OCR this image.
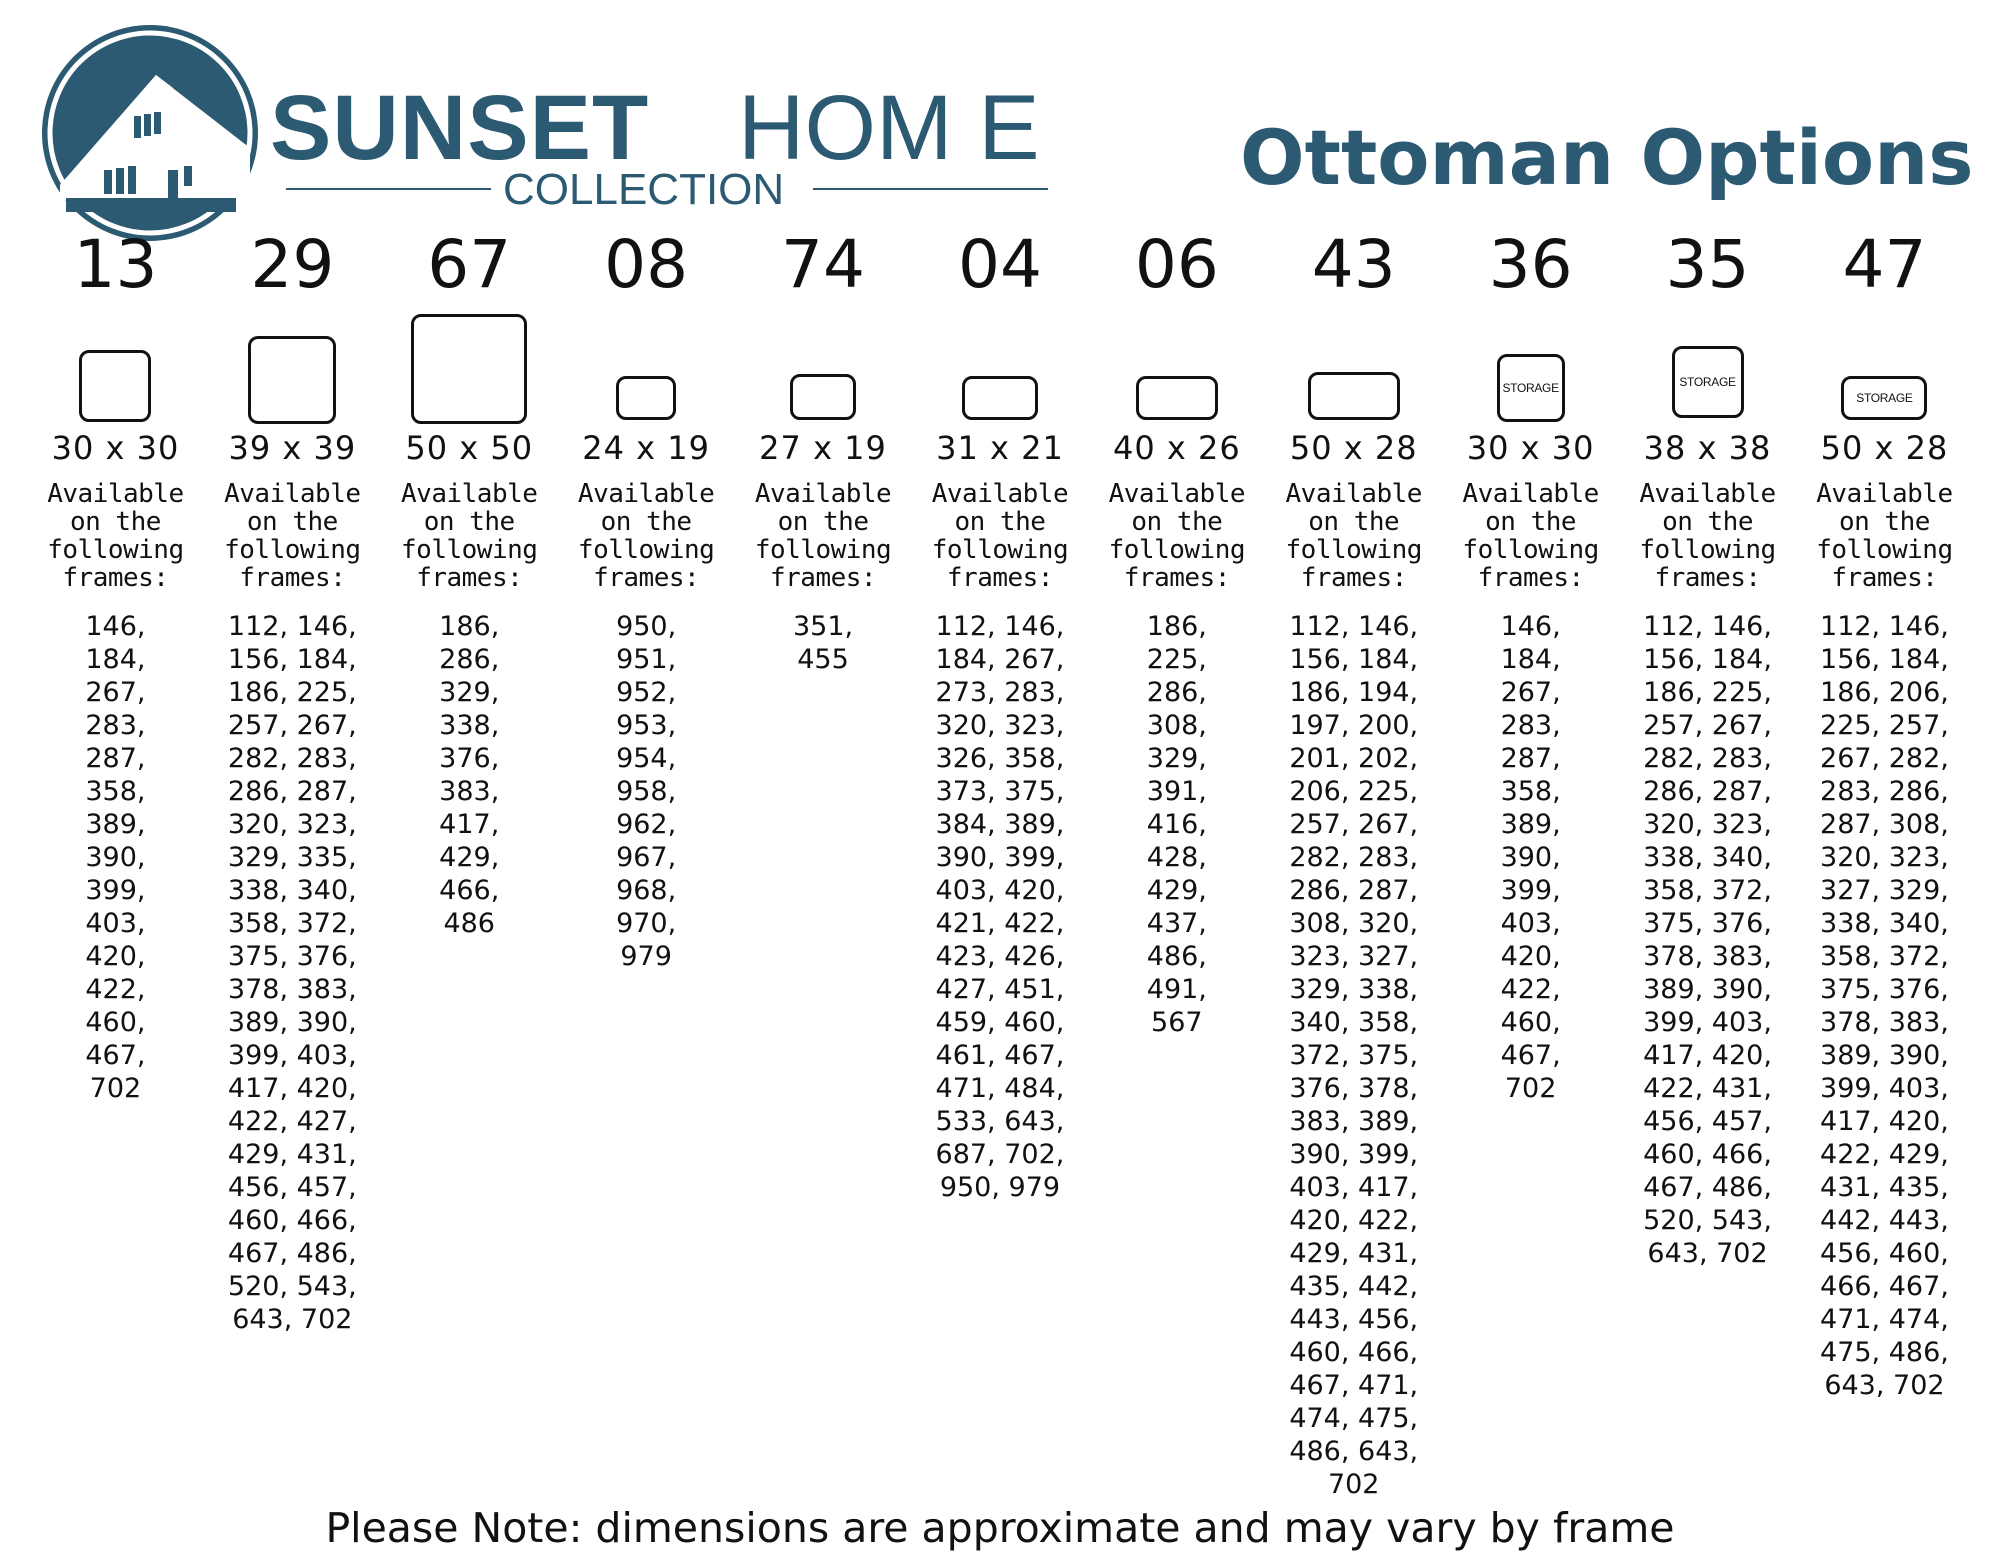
SUNSET HOM E
COLLECTION	Ottoman Options
13
30 x 30
Available on the following frames:
146,
184,
267,
283,
287,
358,
389,
390,
399,
403,
420,
422,
460,
467,
702
29
39 x 39
Available on the following frames:
112, 146,
156, 184,
186, 225,
257, 267,
282, 283,
286, 287,
320, 323,
329, 335,
338, 340,
358, 372,
375, 376,
378, 383,
389, 390,
399, 403,
417, 420,
422, 427,
429, 431,
456, 457,
460, 466,
467, 486,
520, 543,
643, 702
67
50 x 50
Available on the following frames:
186,
286,
329,
338,
376,
383,
417,
429,
466,
486
08
24 x 19
Available on the following frames:
950,
951,
952,
953,
954,
958,
962,
967,
968,
970,
979
74
27 x 19
Available on the following frames:
351,
455
04
31 x 21
Available on the following frames:
112, 146,
184, 267,
273, 283,
320, 323,
326, 358,
373, 375,
384, 389,
390, 399,
403, 420,
421, 422,
423, 426,
427, 451,
459, 460,
461, 467,
471, 484,
533, 643,
687, 702,
950, 979
06
40 x 26
Available on the following frames:
186,
225,
286,
308,
329,
391,
416,
428,
429,
437,
486,
491,
567
43
50 x 28
Available on the following frames:
112, 146,
156, 184,
186, 194,
197, 200,
201, 202,
206, 225,
257, 267,
282, 283,
286, 287,
308, 320,
323, 327,
329, 338,
340, 358,
372, 375,
376, 378,
383, 389,
390, 399,
403, 417,
420, 422,
429, 431,
435, 442,
443, 456,
460, 466,
467, 471,
474, 475,
486, 643,
702
36
STORAGE
30 x 30
Available on the following frames:
146,
184,
267,
283,
287,
358,
389,
390,
399,
403,
420,
422,
460,
467,
702
35
STORAGE
38 x 38
Available on the following frames:
112, 146,
156, 184,
186, 225,
257, 267,
282, 283,
286, 287,
320, 323,
338, 340,
358, 372,
375, 376,
378, 383,
389, 390,
399, 403,
417, 420,
422, 431,
456, 457,
460, 466,
467, 486,
520, 543,
643, 702
47
STORAGE
50 x 28
Available on the following frames:
112, 146,
156, 184,
186, 206,
225, 257,
267, 282,
283, 286,
287, 308,
320, 323,
327, 329,
338, 340,
358, 372,
375, 376,
378, 383,
389, 390,
399, 403,
417, 420,
422, 429,
431, 435,
442, 443,
456, 460,
466, 467,
471, 474,
475, 486,
643, 702
Please Note: dimensions are approximate and may vary by frame
